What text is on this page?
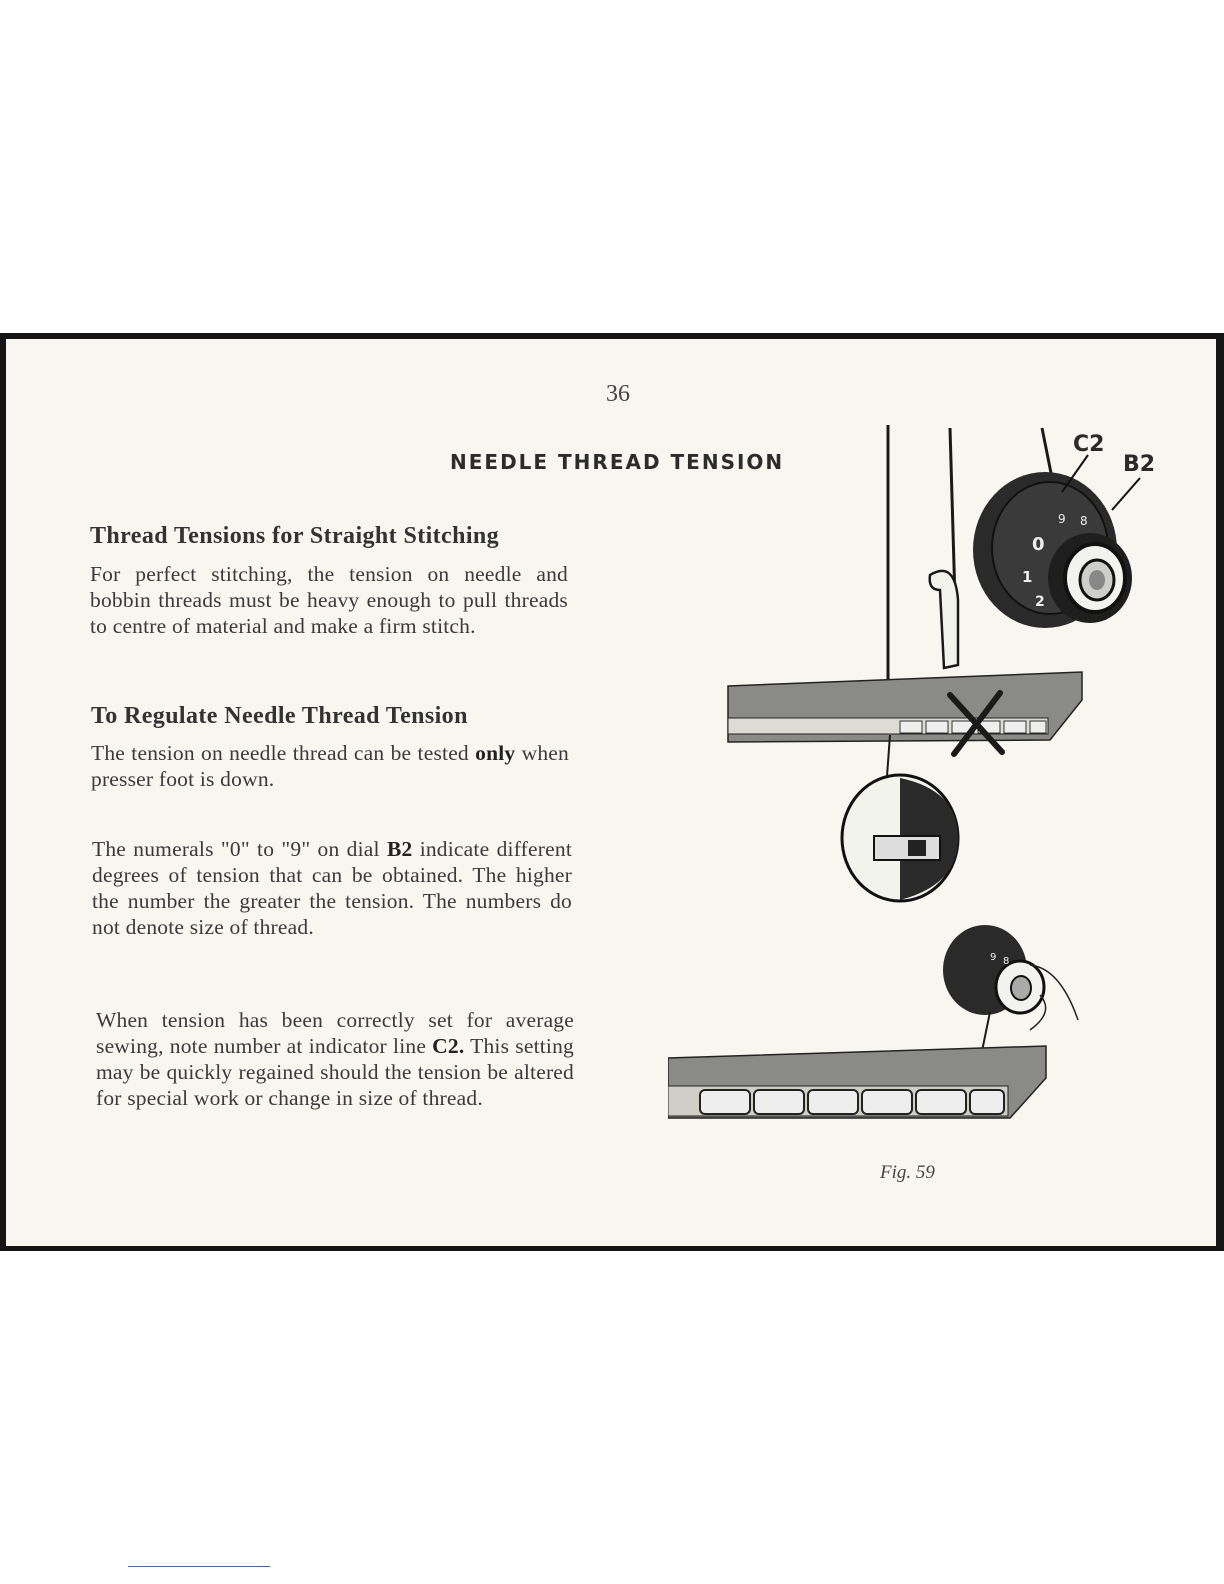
36
NEEDLE THREAD TENSION
Thread Tensions for Straight Stitching
For perfect stitching, the tension on needle and bobbin threads must be heavy enough to pull threads to centre of material and make a firm stitch.
To Regulate Needle Thread Tension
The tension on needle thread can be tested only when presser foot is down.
The numerals "0" to "9" on dial B2 indicate different degrees of tension that can be obtained. The higher the number the greater the tension. The numbers do not denote size of thread.
When tension has been correctly set for average sewing, note number at indicator line C2. This setting may be quickly regained should the tension be altered for special work or change in size of thread.
0
1
2
9 8
C2
B2
9 8
Fig. 59
